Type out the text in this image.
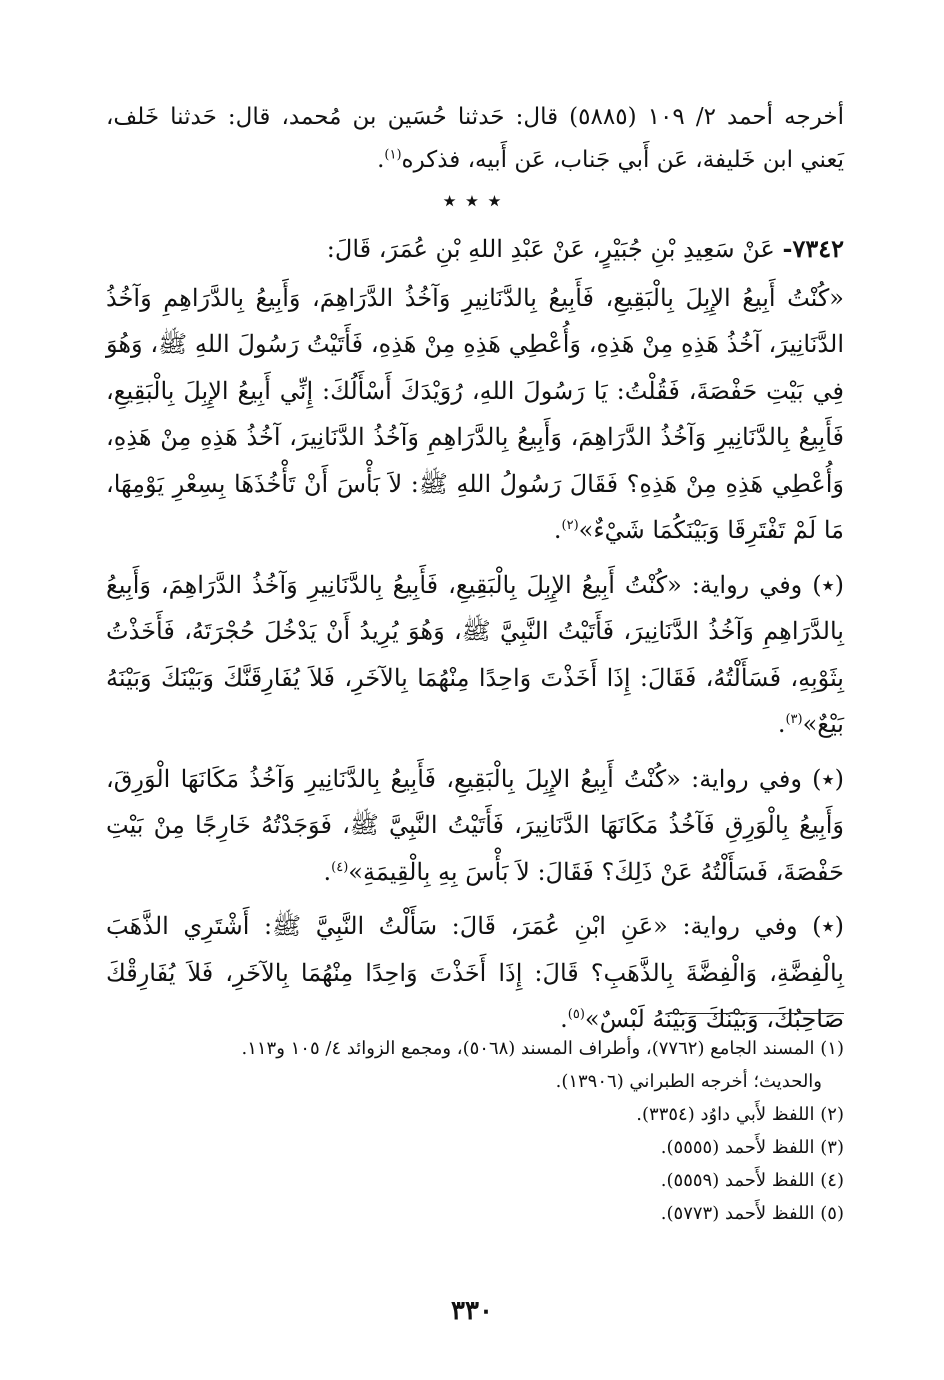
أخرجه أحمد ٢/ ١٠٩ (٥٨٨٥) قال: حَدثنا حُسَين بن مُحمد، قال: حَدثنا خَلف، يَعني ابن خَليفة، عَن أَبي جَناب، عَن أَبيه، فذكره$^{(١)}$.
٭ ٭ ٭

٧٣٤٢- عَنْ سَعِيدِ بْنِ جُبَيْرٍ، عَنْ عَبْدِ اللهِ بْنِ عُمَرَ، قَالَ:

«كُنْتُ أَبِيعُ الإِبِلَ بِالْبَقِيعِ، فَأَبِيعُ بِالدَّنَانِيرِ وَآخُذُ الدَّرَاهِمَ، وَأَبِيعُ بِالدَّرَاهِمِ وَآخُذُ الدَّنَانِيرَ، آخُذُ هَذِهِ مِنْ هَذِهِ، وَأُعْطِي هَذِهِ مِنْ هَذِهِ، فَأَتَيْتُ رَسُولَ اللهِ ﷺ، وَهُوَ فِي بَيْتِ حَفْصَةَ، فَقُلْتُ: يَا رَسُولَ اللهِ، رُوَيْدَكَ أَسْأَلُكَ: إِنِّي أَبِيعُ الإِبِلَ بِالْبَقِيعِ، فَأَبِيعُ بِالدَّنَانِيرِ وَآخُذُ الدَّرَاهِمَ، وَأَبِيعُ بِالدَّرَاهِمِ وَآخُذُ الدَّنَانِيرَ، آخُذُ هَذِهِ مِنْ هَذِهِ، وَأُعْطِي هَذِهِ مِنْ هَذِهِ؟ فَقَالَ رَسُولُ اللهِ ﷺ: لاَ بَأْسَ أَنْ تَأْخُذَهَا بِسِعْرِ يَوْمِهَا، مَا لَمْ تَفْتَرِقَا وَبَيْنَكُمَا شَيْءٌ»$^{(٢)}$.

(٭) وفي رواية: «كُنْتُ أَبِيعُ الإِبِلَ بِالْبَقِيعِ، فَأَبِيعُ بِالدَّنَانِيرِ وَآخُذُ الدَّرَاهِمَ، وَأَبِيعُ بِالدَّرَاهِمِ وَآخُذُ الدَّنَانِيرَ، فَأَتَيْتُ النَّبِيَّ ﷺ، وَهُوَ يُرِيدُ أَنْ يَدْخُلَ حُجْرَتَهُ، فَأَخَذْتُ بِثَوْبِهِ، فَسَأَلْتُهُ، فَقَالَ: إِذَا أَخَذْتَ وَاحِدًا مِنْهُمَا بِالآخَرِ، فَلاَ يُفَارِقَنَّكَ وَبَيْنَكَ وَبَيْنَهُ بَيْعٌ»$^{(٣)}$.

(٭) وفي رواية: «كُنْتُ أَبِيعُ الإِبِلَ بِالْبَقِيعِ، فَأَبِيعُ بِالدَّنَانِيرِ وَآخُذُ مَكَانَهَا الْوَرِقَ، وَأَبِيعُ بِالْوَرِقِ فَآخُذُ مَكَانَهَا الدَّنَانِيرَ، فَأَتَيْتُ النَّبِيَّ ﷺ، فَوَجَدْتُهُ خَارِجًا مِنْ بَيْتِ حَفْصَةَ، فَسَأَلْتُهُ عَنْ ذَلِكَ؟ فَقَالَ: لاَ بَأْسَ بِهِ بِالْقِيمَةِ»$^{(٤)}$.

(٭) وفي رواية: «عَنِ ابْنِ عُمَرَ، قَالَ: سَأَلْتُ النَّبِيَّ ﷺ: أَشْتَرِي الذَّهَبَ بِالْفِضَّةِ، وَالْفِضَّةَ بِالذَّهَبِ؟ قَالَ: إِذَا أَخَذْتَ وَاحِدًا مِنْهُمَا بِالآخَرِ، فَلاَ يُفَارِقْكَ صَاحِبُكَ، وَبَيْنَكَ وَبَيْنَهُ لَبْسٌ»$^{(٥)}$.

(١) المسند الجامع (٧٧٦٢)، وأطراف المسند (٥٠٦٨)، ومجمع الزوائد ٤/ ١٠٥ و١١٣.

والحديث؛ أخرجه الطبراني (١٣٩٠٦).

(٢) اللفظ لأَبي داوُد (٣٣٥٤).

(٣) اللفظ لأَحمد (٥٥٥٥).

(٤) اللفظ لأَحمد (٥٥٥٩).

(٥) اللفظ لأَحمد (٥٧٧٣).

٣٣٠
